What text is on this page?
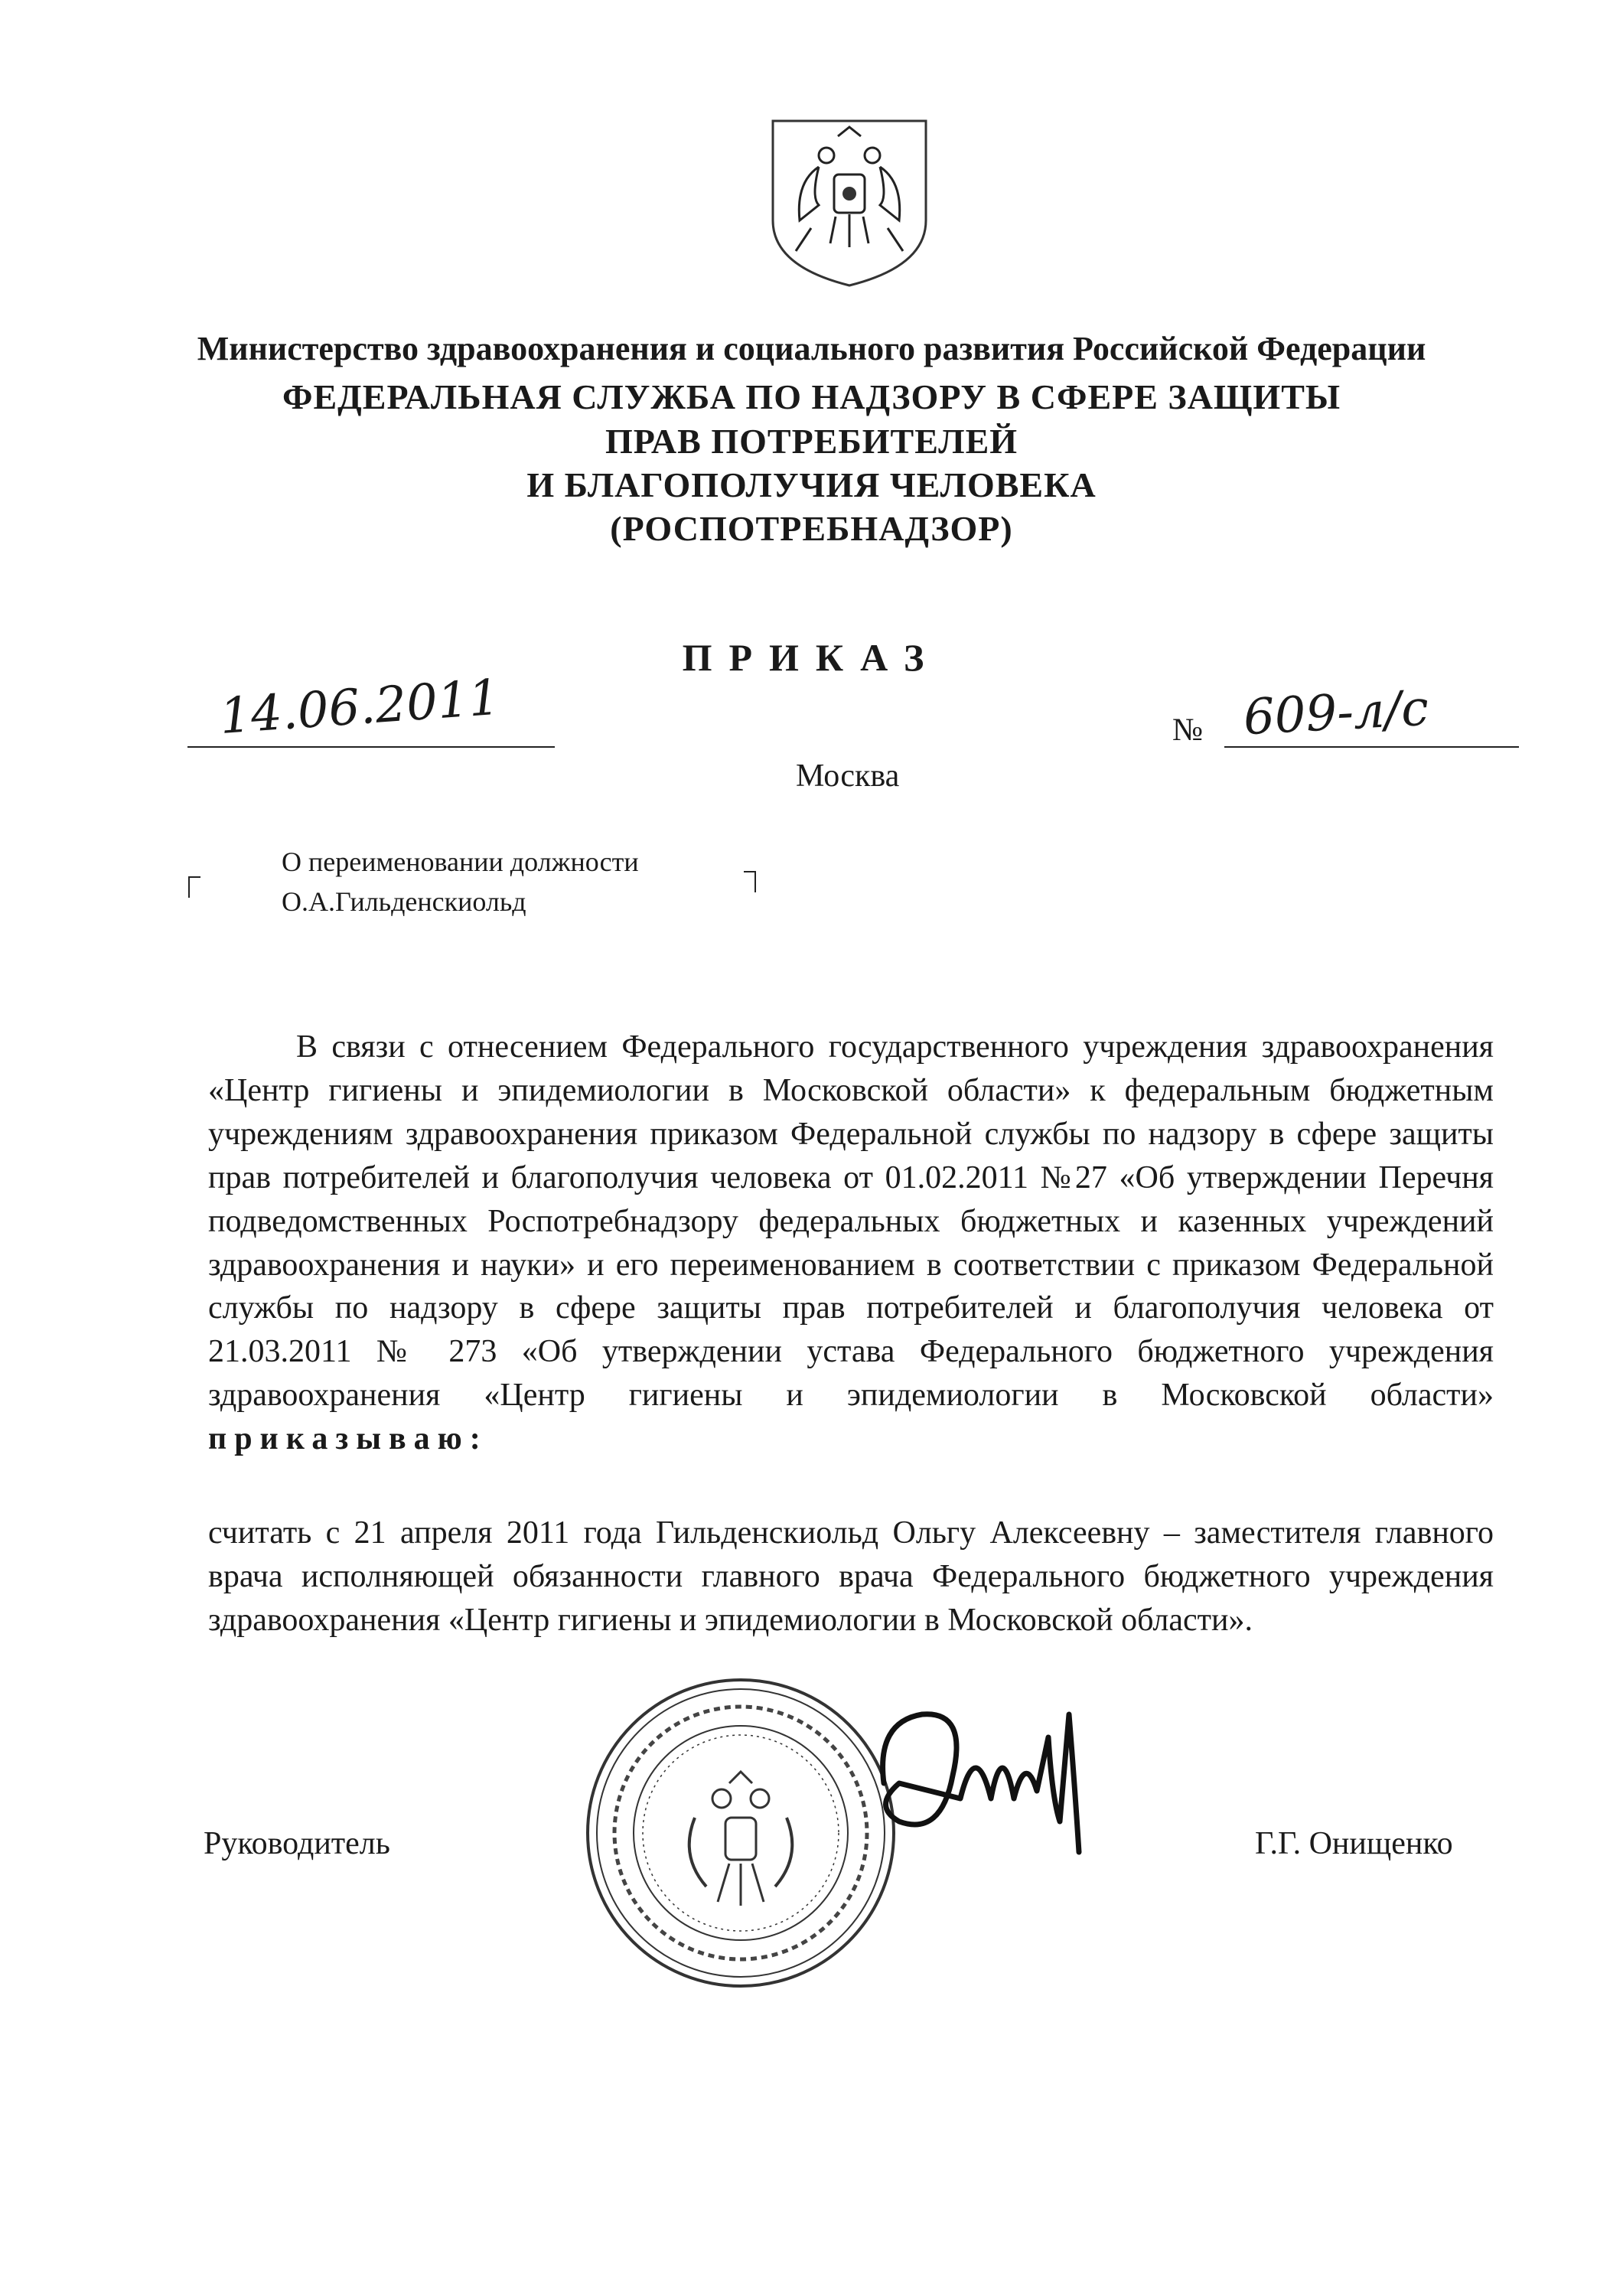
Министерство здравоохранения и социального развития Российской Федерации
ФЕДЕРАЛЬНАЯ СЛУЖБА ПО НАДЗОРУ В СФЕРЕ ЗАЩИТЫ
ПРАВ ПОТРЕБИТЕЛЕЙ
И БЛАГОПОЛУЧИЯ ЧЕЛОВЕКА
(РОСПОТРЕБНАДЗОР)
ПРИКАЗ
14.06.2011	№ 609-л/с
Москва
О переименовании должности
О.А.Гильденскиольд
В связи с отнесением Федерального государственного учреждения здравоохранения «Центр гигиены и эпидемиологии в Московской области» к федеральным бюджетным учреждениям здравоохранения приказом Федеральной службы по надзору в сфере защиты прав потребителей и благополучия человека от 01.02.2011 №27 «Об утверждении Перечня подведомственных Роспотребнадзору федеральных бюджетных и казенных учреждений здравоохранения и науки» и его переименованием в соответствии с приказом Федеральной службы по надзору в сфере защиты прав потребителей и благополучия человека от 21.03.2011 № 273 «Об утверждении устава Федерального бюджетного учреждения здравоохранения «Центр гигиены и эпидемиологии в Московской области» приказываю:
считать с 21 апреля 2011 года Гильденскиольд Ольгу Алексеевну – заместителя главного врача исполняющей обязанности главного врача Федерального бюджетного учреждения здравоохранения «Центр гигиены и эпидемиологии в Московской области».
Руководитель	Г.Г. Онищенко
